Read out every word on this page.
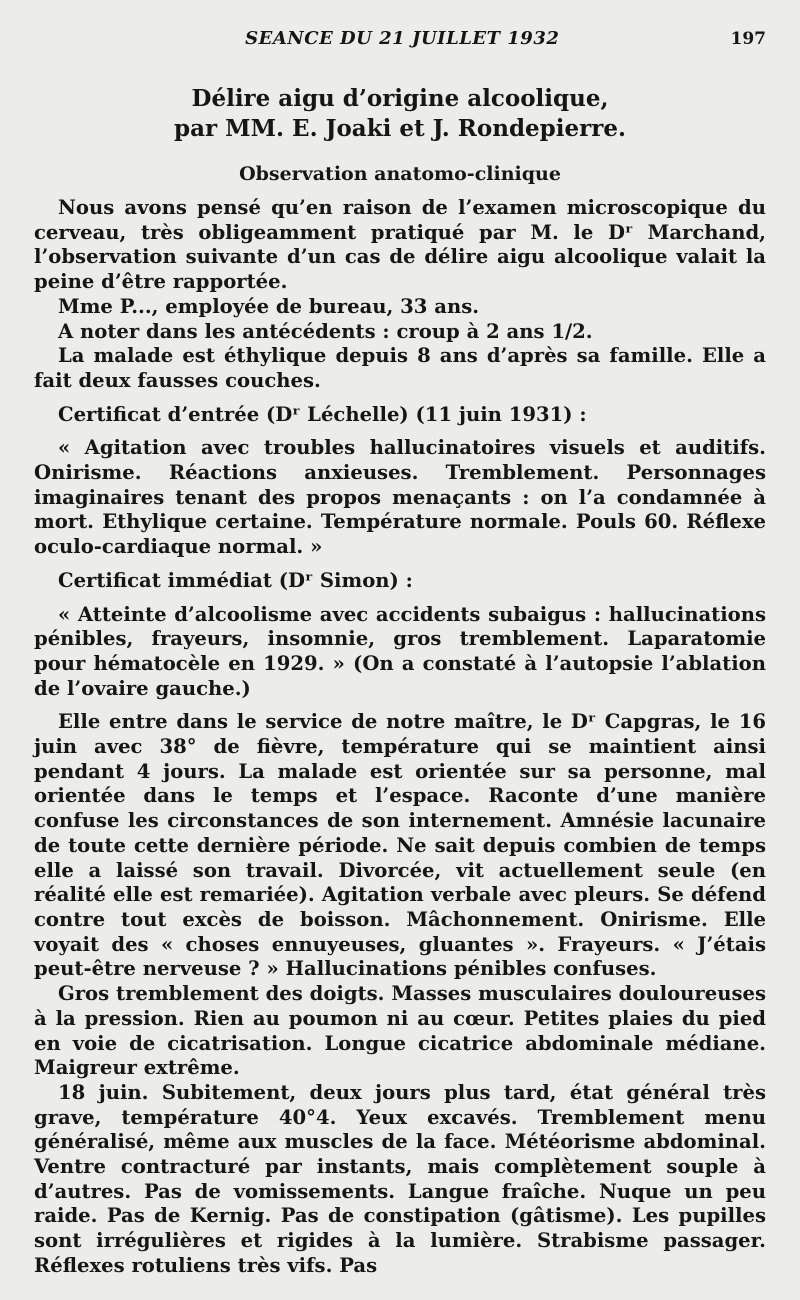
SEANCE DU 21 JUILLET 1932	197
Délire aigu d’origine alcoolique,
par MM. E. Joaki et J. Rondepierre.
Observation anatomo-clinique

Nous avons pensé qu’en raison de l’examen microscopique du cerveau, très obligeamment pratiqué par M. le Dʳ Marchand, l’observation suivante d’un cas de délire aigu alcoolique valait la peine d’être rapportée.

Mme P..., employée de bureau, 33 ans.

A noter dans les antécédents : croup à 2 ans 1/2.

La malade est éthylique depuis 8 ans d’après sa famille. Elle a fait deux fausses couches.

Certificat d’entrée (Dʳ Léchelle) (11 juin 1931) :

« Agitation avec troubles hallucinatoires visuels et auditifs. Onirisme. Réactions anxieuses. Tremblement. Personnages imaginaires tenant des propos menaçants : on l’a condamnée à mort. Ethylique certaine. Température normale. Pouls 60. Réflexe oculo-cardiaque normal. »

Certificat immédiat (Dʳ Simon) :

« Atteinte d’alcoolisme avec accidents subaigus : hallucinations pénibles, frayeurs, insomnie, gros tremblement. Laparatomie pour hématocèle en 1929. » (On a constaté à l’autopsie l’ablation de l’ovaire gauche.)

Elle entre dans le service de notre maître, le Dʳ Capgras, le 16 juin avec 38° de fièvre, température qui se maintient ainsi pendant 4 jours. La malade est orientée sur sa personne, mal orientée dans le temps et l’espace. Raconte d’une manière confuse les circonstances de son internement. Amnésie lacunaire de toute cette dernière période. Ne sait depuis combien de temps elle a laissé son travail. Divorcée, vit actuellement seule (en réalité elle est remariée). Agitation verbale avec pleurs. Se défend contre tout excès de boisson. Mâchonnement. Onirisme. Elle voyait des « choses ennuyeuses, gluantes ». Frayeurs. « J’étais peut-être nerveuse ? » Hallucinations pénibles confuses.

Gros tremblement des doigts. Masses musculaires douloureuses à la pression. Rien au poumon ni au cœur. Petites plaies du pied en voie de cicatrisation. Longue cicatrice abdominale médiane. Maigreur extrême.

18 juin. Subitement, deux jours plus tard, état général très grave, température 40°4. Yeux excavés. Tremblement menu généralisé, même aux muscles de la face. Météorisme abdominal. Ventre contracturé par instants, mais complètement souple à d’autres. Pas de vomissements. Langue fraîche. Nuque un peu raide. Pas de Kernig. Pas de constipation (gâtisme). Les pupilles sont irrégulières et rigides à la lumière. Strabisme passager. Réflexes rotuliens très vifs. Pas
